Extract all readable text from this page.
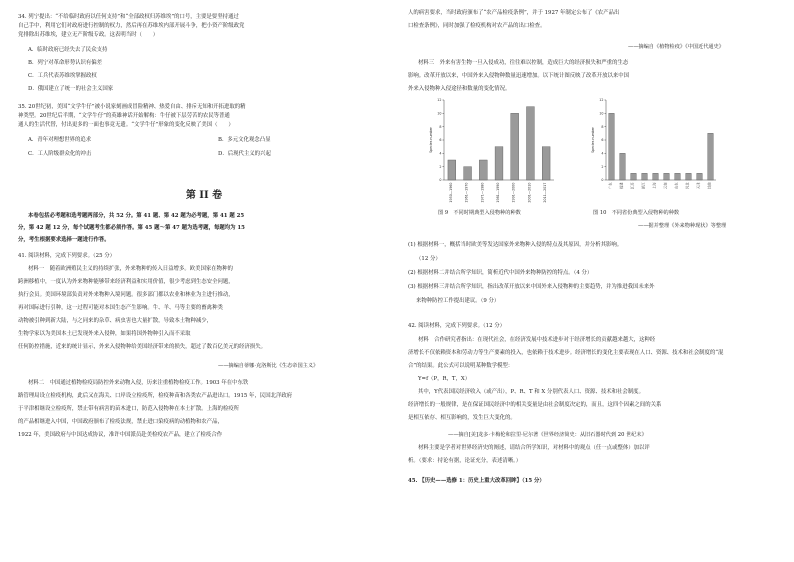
34. 列宁提出：“不给临时政府以任何支持”和“全部政权归苏维埃”的口号，主要是要坚持通过
自己手中，利用它们对政府进行控制的权力，然后再在苏维埃内部开展斗争，把小资产阶级政党
党排除出苏维埃，建立无产阶级专政。这表明当时（　　）
A．临时政府已经失去了民众支持
B．列宁对革命形势认识有偏差
C．工兵代表苏维埃掌握政权
D．俄国建立了统一的社会主义国家
35. 20世纪初，美国“文学牛仔”被小说家刻画成冒险精神、热爱自由、排斥无知和开拓进取的精
神类型。20世纪后半期，“文学牛仔”的英雄神话开始解构：牛仔被下层劳苦的农民等普通
通人的生活代替，付出更多的一面也事竟无遗。“文学牛仔”形象的变化反映了美国（　　）
A．青年对理想世界的追求	B．多元文化观念凸显
C．工人阶级群众化的冲击	D．后现代主义的兴起
第 II 卷
本卷包括必考题和选考题两部分，共 52 分。第 41 题、第 42 题为必考题，第 41 题 25
分，第 42 题 12 分，每个试题考生都必须作答。第 45 题～第 47 题为选考题，每题均为 15
分，考生根据要求选择一题进行作答。
41. 阅读材料，完成下列要求。（25 分）
材料一　随着欧洲殖民主义的持续扩张，外来物种的传入日益增多。欧美国家在物种的
跨洲移植中，一度认为外来物种能够带来经济利益和实用价值，很少考虑到生态安全问题，
执行会员。美国环境部负责对外来物种入境问题。很多部门都以农业和林业为主进行推动，
再对国际进行引种，这一过程可能对本国生态产生影响。牛、羊、马等主要的畜禽种类
动物被引种到新大陆，与之同来的杂草、病虫害也大量扩散，导致本土物种减少，
生物学家以为美国本土已发现外来入侵种，如果将国外物种引入而不采取
任何防控措施，近来的统计显示，外来入侵物种给美国经济带来的损失，超过了数百亿美元的经济损失。
——摘编自蒂娜·克洛斯比《生态帝国主义》
材料二　中国通过植物检疫局防控外来动物入侵，历来注重植物检疫工作。1903 年在中东铁
路管理局设立检疫机构，此后又在海关、口岸设立检疫所，检疫种苗和各类农产品进出口。1915 年，民国北洋政府
于平津相继设立检疫所，禁止带有病害的苗木进口，防范入侵物种在本土扩散。上海的检疫所
的产品相继进入中国，中国政府颁布了检疫法规，禁止进口染疫病的动植物和农产品，
1922 年，美国政府与中国达成协议，准许中国派员赴美检疫农产品，建立了检疫合作
人的病害要求，当时政府颁布了“农产品检疫条例”，并于 1927 年制定公布了《农产品出
口检查条例》，同时加强了检疫机构对农产品的出口检查。
——摘编自《植物检疫》《中国近代通史》
材料三　外来有害生物一旦入侵成功，往往难以控制，造成巨大的经济损失和严重的生态
影响。改革开放以来，中国外来入侵物种数量迅速增加。以下统计图反映了改革开放以来中国
外来入侵物种入侵途径和数量的变化情况。
0
2
4
6
8
10
12
Species number
1950—1960	1961—1970	1971—1980	1981—1990	1991—2000	2001—2010	2011—2017
0
2
4
6
8
10
12
Species number
广东	福建	江苏	浙江	上海	云南	山东	河北	天津	其他
图 9　不同时期典型入侵物种的种数	图 10　不同省份典型入侵物种的种数
——据并整理《外来物种现状》等整理
(1) 根据材料一，概括当时欧美等发达国家外来物种入侵的特点及其原因，并分析其影响。
（12 分）
(2) 根据材料二并结合所学知识，简析近代中国外来物种防控的特点。（4 分）
(3) 根据材料三并结合所学知识，指出改革开放以来中国外来入侵物种的主要趋势，并为推进我国未来外
来物种防控工作提出建议。（9 分）
42. 阅读材料，完成下列要求。（12 分）
材料　合作研究者指出：在现代社会，在经济发展中技术进步对于经济增长的贡献越来越大，这种经
济增长不仅依赖资本和劳动力等生产要素的投入，也依赖于技术进步。经济增长的变化主要表现在人口、资源、技术和社会制度的“混
合”的结果。此公式可以说明某种数学模型：
Y=f（P，R，T，X）
其中，Y代表国民经济收入（或产出），P、R、T 和 X 分别代表人口、资源、技术和社会制度。
经济增长的一般规律，是在保证国民经济中的相关变量是由社会制度决定的，而且，这四个因素之间的关系
是相互依存、相互影响的，发生巨大变化的。
——摘自[美]龙多·卡梅伦和拉里·尼尔著《世界经济简史：从旧石器时代到 20 世纪末》
材料主要是学者对世界经济史的阐述，请结合所学知识，对材料中的观点（任一点或整体）加以评
析。（要求：持论有据，论证充分，表述清晰。）
45. 【历史——选修 1：历史上重大改革回眸】（15 分）
